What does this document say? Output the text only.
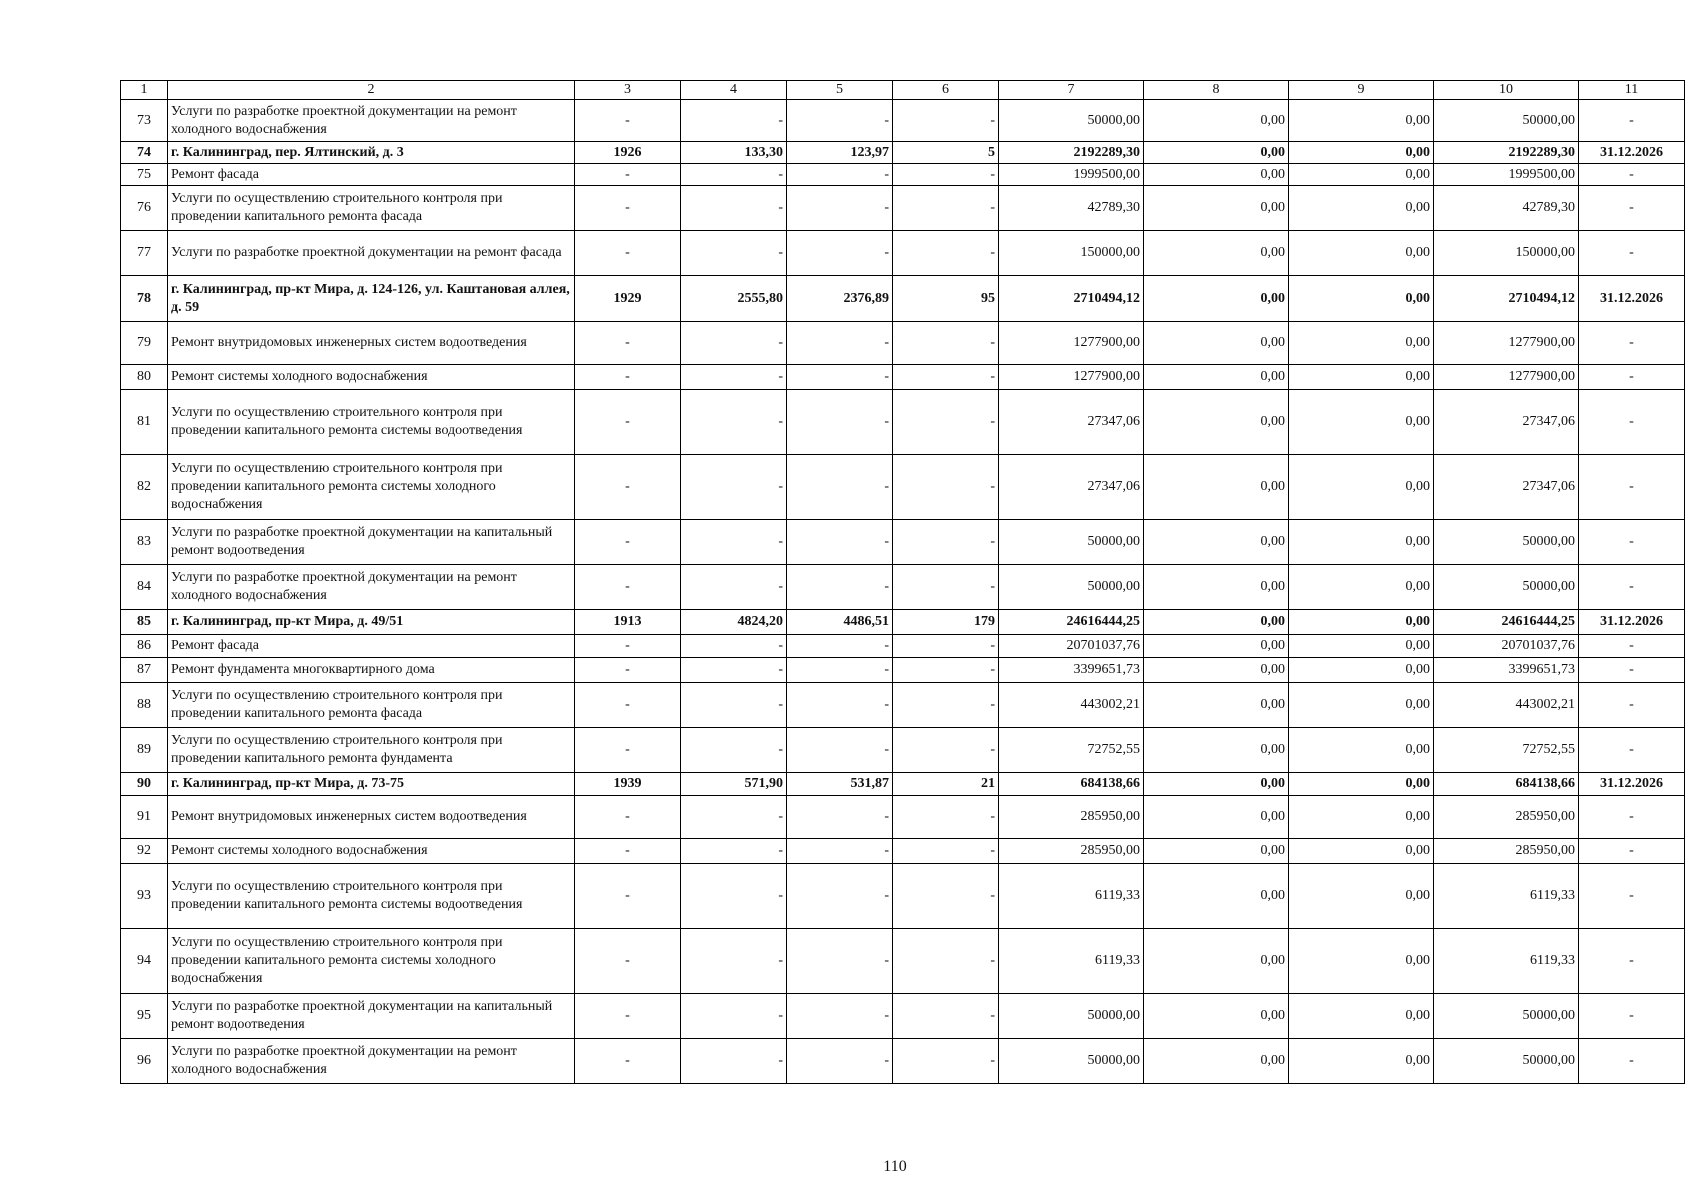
1	2	3	4	5	6	7	8	9	10	11
73	Услуги по разработке проектной документации на ремонт холодного водоснабжения	-	-	-	-	50000,00	0,00	0,00	50000,00	-
74	г. Калининград, пер. Ялтинский, д. 3	1926	133,30	123,97	5	2192289,30	0,00	0,00	2192289,30	31.12.2026
75	Ремонт фасада	-	-	-	-	1999500,00	0,00	0,00	1999500,00	-
76	Услуги по осуществлению строительного контроля при проведении капитального ремонта фасада	-	-	-	-	42789,30	0,00	0,00	42789,30	-
77	Услуги по разработке проектной документации на ремонт фасада	-	-	-	-	150000,00	0,00	0,00	150000,00	-
78	г. Калининград, пр-кт Мира, д. 124-126, ул. Каштановая аллея, д. 59	1929	2555,80	2376,89	95	2710494,12	0,00	0,00	2710494,12	31.12.2026
79	Ремонт внутридомовых инженерных систем водоотведения	-	-	-	-	1277900,00	0,00	0,00	1277900,00	-
80	Ремонт системы холодного водоснабжения	-	-	-	-	1277900,00	0,00	0,00	1277900,00	-
81	Услуги по осуществлению строительного контроля при проведении капитального ремонта системы водоотведения	-	-	-	-	27347,06	0,00	0,00	27347,06	-
82	Услуги по осуществлению строительного контроля при проведении капитального ремонта системы холодного водоснабжения	-	-	-	-	27347,06	0,00	0,00	27347,06	-
83	Услуги по разработке проектной документации на капитальный ремонт водоотведения	-	-	-	-	50000,00	0,00	0,00	50000,00	-
84	Услуги по разработке проектной документации на ремонт холодного водоснабжения	-	-	-	-	50000,00	0,00	0,00	50000,00	-
85	г. Калининград, пр-кт Мира, д. 49/51	1913	4824,20	4486,51	179	24616444,25	0,00	0,00	24616444,25	31.12.2026
86	Ремонт фасада	-	-	-	-	20701037,76	0,00	0,00	20701037,76	-
87	Ремонт фундамента многоквартирного дома	-	-	-	-	3399651,73	0,00	0,00	3399651,73	-
88	Услуги по осуществлению строительного контроля при проведении капитального ремонта фасада	-	-	-	-	443002,21	0,00	0,00	443002,21	-
89	Услуги по осуществлению строительного контроля при проведении капитального ремонта фундамента	-	-	-	-	72752,55	0,00	0,00	72752,55	-
90	г. Калининград, пр-кт Мира, д. 73-75	1939	571,90	531,87	21	684138,66	0,00	0,00	684138,66	31.12.2026
91	Ремонт внутридомовых инженерных систем водоотведения	-	-	-	-	285950,00	0,00	0,00	285950,00	-
92	Ремонт системы холодного водоснабжения	-	-	-	-	285950,00	0,00	0,00	285950,00	-
93	Услуги по осуществлению строительного контроля при проведении капитального ремонта системы водоотведения	-	-	-	-	6119,33	0,00	0,00	6119,33	-
94	Услуги по осуществлению строительного контроля при проведении капитального ремонта системы холодного водоснабжения	-	-	-	-	6119,33	0,00	0,00	6119,33	-
95	Услуги по разработке проектной документации на капитальный ремонт водоотведения	-	-	-	-	50000,00	0,00	0,00	50000,00	-
96	Услуги по разработке проектной документации на ремонт холодного водоснабжения	-	-	-	-	50000,00	0,00	0,00	50000,00	-
110
